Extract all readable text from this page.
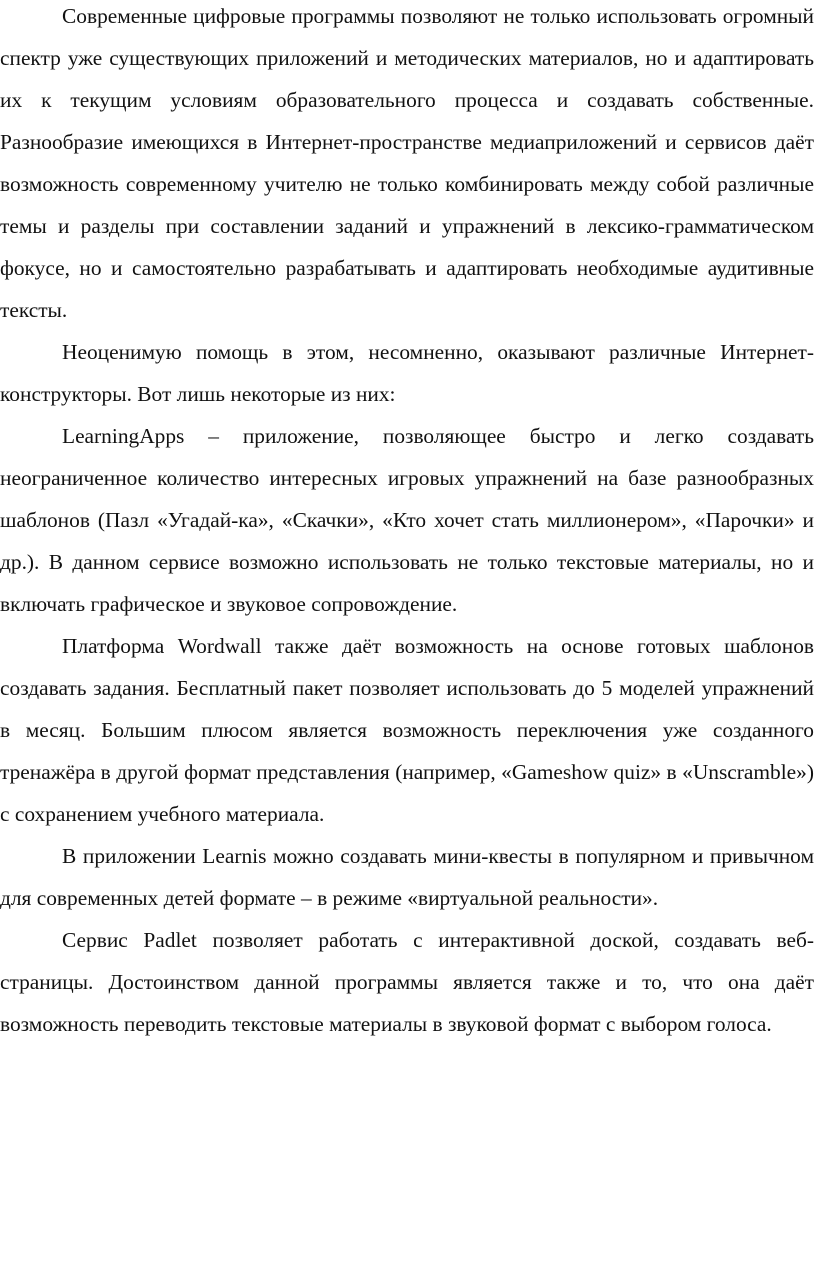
Современные цифровые программы позволяют не только использовать огромный спектр уже существующих приложений и методических материалов, но и адаптировать их к текущим условиям образовательного процесса и создавать собственные. Разнообразие имеющихся в Интернет-пространстве медиаприложений и сервисов даёт возможность современному учителю не только комбинировать между собой различные темы и разделы при составлении заданий и упражнений в лексико-грамматическом фокусе, но и самостоятельно разрабатывать и адаптировать необходимые аудитивные тексты.

Неоценимую помощь в этом, несомненно, оказывают различные Интернет-конструкторы. Вот лишь некоторые из них:

LearningApps – приложение, позволяющее быстро и легко создавать неограниченное количество интересных игровых упражнений на базе разнообразных шаблонов (Пазл «Угадай-ка», «Скачки», «Кто хочет стать миллионером», «Парочки» и др.). В данном сервисе возможно использовать не только текстовые материалы, но и включать графическое и звуковое сопровождение.

Платформа Wordwall также даёт возможность на основе готовых шаблонов создавать задания. Бесплатный пакет позволяет использовать до 5 моделей упражнений в месяц. Большим плюсом является возможность переключения уже созданного тренажёра в другой формат представления (например, «Gameshow quiz» в «Unscramble») с сохранением учебного материала.

В приложении Learnis можно создавать мини-квесты в популярном и привычном для современных детей формате – в режиме «виртуальной реальности».

Сервис Padlet позволяет работать с интерактивной доской, создавать веб-страницы. Достоинством данной программы является также и то, что она даёт возможность переводить текстовые материалы в звуковой формат с выбором голоса.
